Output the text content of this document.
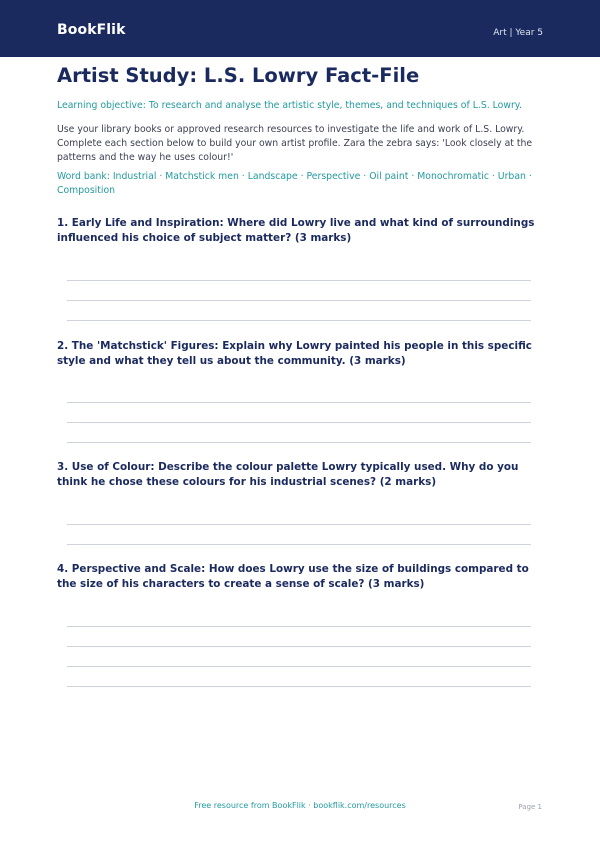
BookFlik	Art | Year 5
Artist Study: L.S. Lowry Fact-File
Learning objective: To research and analyse the artistic style, themes, and techniques of L.S. Lowry.
Use your library books or approved research resources to investigate the life and work of L.S. Lowry. Complete each section below to build your own artist profile. Zara the zebra says: 'Look closely at the patterns and the way he uses colour!'
Word bank: Industrial · Matchstick men · Landscape · Perspective · Oil paint · Monochromatic · Urban · Composition
1. Early Life and Inspiration: Where did Lowry live and what kind of surroundings influenced his choice of subject matter? (3 marks)
2. The 'Matchstick' Figures: Explain why Lowry painted his people in this specific style and what they tell us about the community. (3 marks)
3. Use of Colour: Describe the colour palette Lowry typically used. Why do you think he chose these colours for his industrial scenes? (2 marks)
4. Perspective and Scale: How does Lowry use the size of buildings compared to the size of his characters to create a sense of scale? (3 marks)
Free resource from BookFlik · bookflik.com/resources	Page 1
